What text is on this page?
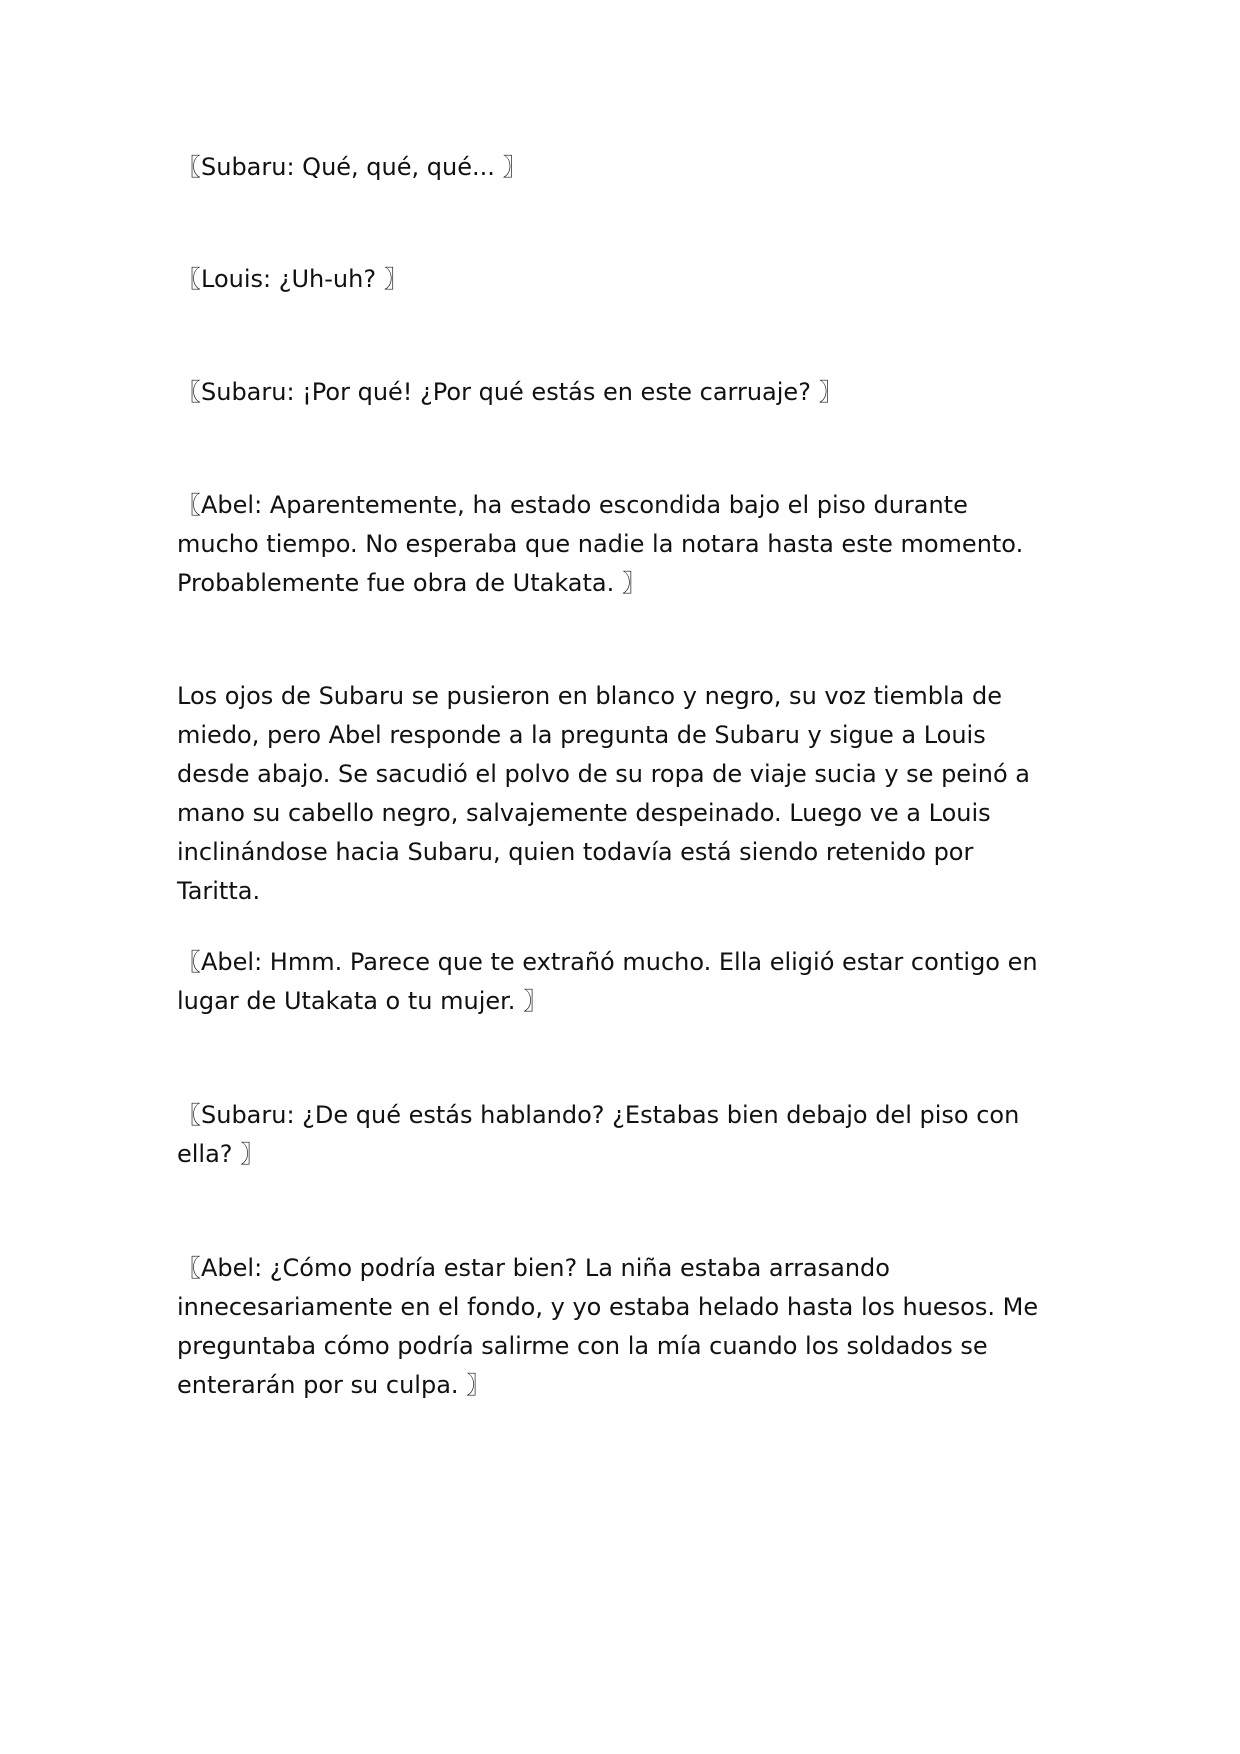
〖Subaru: Qué, qué, qué... 〗

〖Louis: ¿Uh-uh? 〗

〖Subaru: ¡Por qué! ¿Por qué estás en este carruaje? 〗

〖Abel: Aparentemente, ha estado escondida bajo el piso durante mucho tiempo. No esperaba que nadie la notara hasta este momento. Probablemente fue obra de Utakata. 〗

Los ojos de Subaru se pusieron en blanco y negro, su voz tiembla de miedo, pero Abel responde a la pregunta de Subaru y sigue a Louis desde abajo. Se sacudió el polvo de su ropa de viaje sucia y se peinó a mano su cabello negro, salvajemente despeinado. Luego ve a Louis inclinándose hacia Subaru, quien todavía está siendo retenido por Taritta.

〖Abel: Hmm. Parece que te extrañó mucho. Ella eligió estar contigo en lugar de Utakata o tu mujer. 〗

〖Subaru: ¿De qué estás hablando? ¿Estabas bien debajo del piso con ella? 〗

〖Abel: ¿Cómo podría estar bien? La niña estaba arrasando innecesariamente en el fondo, y yo estaba helado hasta los huesos. Me preguntaba cómo podría salirme con la mía cuando los soldados se enterarán por su culpa. 〗
